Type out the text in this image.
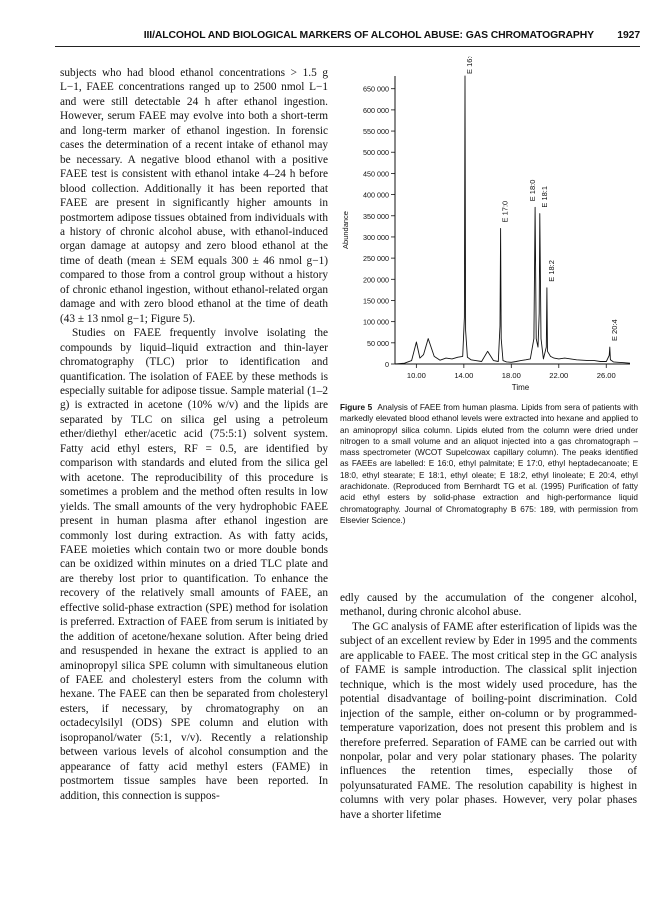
III/ALCOHOL AND BIOLOGICAL MARKERS OF ALCOHOL ABUSE: GAS CHROMATOGRAPHY 1927

subjects who had blood ethanol concentrations > 1.5 g L−1, FAEE concentrations ranged up to 2500 nmol L−1 and were still detectable 24 h after ethanol ingestion. However, serum FAEE may evolve into both a short-term and long-term marker of ethanol ingestion. In forensic cases the determination of a recent intake of ethanol may be necessary. A negative blood ethanol with a positive FAEE test is consistent with ethanol intake 4–24 h before blood collection. Additionally it has been reported that FAEE are present in significantly higher amounts in postmortem adipose tissues obtained from individuals with a history of chronic alcohol abuse, with ethanol-induced organ damage at autopsy and zero blood ethanol at the time of death (mean ± SEM equals 300 ± 46 nmol g−1) compared to those from a control group without a history of chronic ethanol ingestion, without ethanol-related organ damage and with zero blood ethanol at the time of death (43 ± 13 nmol g−1; Figure 5).

Studies on FAEE frequently involve isolating the compounds by liquid–liquid extraction and thin-layer chromatography (TLC) prior to identification and quantification. The isolation of FAEE by these methods is especially suitable for adipose tissue. Sample material (1–2 g) is extracted in acetone (10% w/v) and the lipids are separated by TLC on silica gel using a petroleum ether/diethyl ether/acetic acid (75:5:1) solvent system. Fatty acid ethyl esters, RF = 0.5, are identified by comparison with standards and eluted from the silica gel with acetone. The reproducibility of this procedure is sometimes a problem and the method often results in low yields. The small amounts of the very hydrophobic FAEE present in human plasma after ethanol ingestion are commonly lost during extraction. As with fatty acids, FAEE moieties which contain two or more double bonds can be oxidized within minutes on a dried TLC plate and are thereby lost prior to quantification. To enhance the recovery of the relatively small amounts of FAEE, an effective solid-phase extraction (SPE) method for isolation is preferred. Extraction of FAEE from serum is initiated by the addition of acetone/hexane solution. After being dried and resuspended in hexane the extract is applied to an aminopropyl silica SPE column with simultaneous elution of FAEE and cholesteryl esters from the column with hexane. The FAEE can then be separated from cholesteryl esters, if necessary, by chromatography on an octadecylsilyl (ODS) SPE column and elution with isopropanol/water (5:1, v/v). Recently a relationship between various levels of alcohol consumption and the appearance of fatty acid methyl esters (FAME) in postmortem tissue samples have been reported. In addition, this connection is suppos-

0
50 000
100 000
150 000
200 000
250 000
300 000
350 000
400 000
450 000
500 000
550 000
600 000
650 000
10.00	14.00	18.00	22.00	26.00
Time
Abundance
E 16:0
E 17:0
E 18:0 E 18:1
E 18:2
E 20:4
Figure 5 Analysis of FAEE from human plasma. Lipids from sera of patients with markedly elevated blood ethanol levels were extracted into hexane and applied to an aminopropyl silica column. Lipids eluted from the column were dried under nitrogen to a small volume and an aliquot injected into a gas chromatograph – mass spectrometer (WCOT Supelcowax capillary column). The peaks identified as FAEEs are labelled: E 16:0, ethyl palmitate; E 17:0, ethyl heptadecanoate; E 18:0, ethyl stearate; E 18:1, ethyl oleate; E 18:2, ethyl linoleate; E 20:4, ethyl arachidonate. (Reproduced from Bernhardt TG et al. (1995) Purification of fatty acid ethyl esters by solid-phase extraction and high-performance liquid chromatography. Journal of Chromatography B 675: 189, with permission from Elsevier Science.)

edly caused by the accumulation of the congener alcohol, methanol, during chronic alcohol abuse.

The GC analysis of FAME after esterification of lipids was the subject of an excellent review by Eder in 1995 and the comments are applicable to FAEE. The most critical step in the GC analysis of FAME is sample introduction. The classical split injection technique, which is the most widely used procedure, has the potential disadvantage of boiling-point discrimination. Cold injection of the sample, either on-column or by programmed-temperature vaporization, does not present this problem and is therefore preferred. Separation of FAME can be carried out with nonpolar, polar and very polar stationary phases. The polarity influences the retention times, especially those of polyunsaturated FAME. The resolution capability is highest in columns with very polar phases. However, very polar phases have a shorter lifetime
